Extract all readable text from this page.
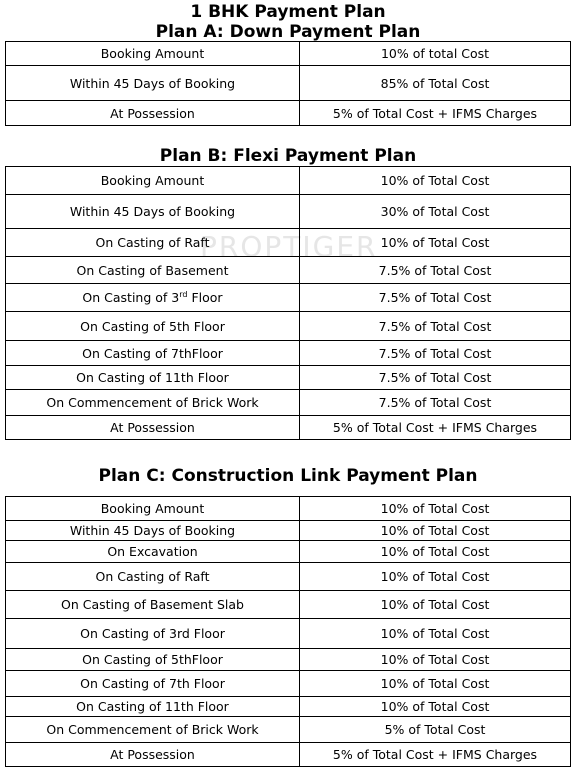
1 BHK Payment Plan
Plan A: Down Payment Plan
Booking Amount	10% of total Cost
Within 45 Days of Booking	85% of Total Cost
At Possession	5% of Total Cost + IFMS Charges
Plan B: Flexi Payment Plan
PROPTIGER
Booking Amount	10% of Total Cost
Within 45 Days of Booking	30% of Total Cost
On Casting of Raft	10% of Total Cost
On Casting of Basement	7.5% of Total Cost
On Casting of 3rd Floor	7.5% of Total Cost
On Casting of 5th Floor	7.5% of Total Cost
On Casting of 7thFloor	7.5% of Total Cost
On Casting of 11th Floor	7.5% of Total Cost
On Commencement of Brick Work	7.5% of Total Cost
At Possession	5% of Total Cost + IFMS Charges
Plan C: Construction Link Payment Plan
Booking Amount	10% of Total Cost
Within 45 Days of Booking	10% of Total Cost
On Excavation	10% of Total Cost
On Casting of Raft	10% of Total Cost
On Casting of Basement Slab	10% of Total Cost
On Casting of 3rd Floor	10% of Total Cost
On Casting of 5thFloor	10% of Total Cost
On Casting of 7th Floor	10% of Total Cost
On Casting of 11th Floor	10% of Total Cost
On Commencement of Brick Work	5% of Total Cost
At Possession	5% of Total Cost + IFMS Charges
